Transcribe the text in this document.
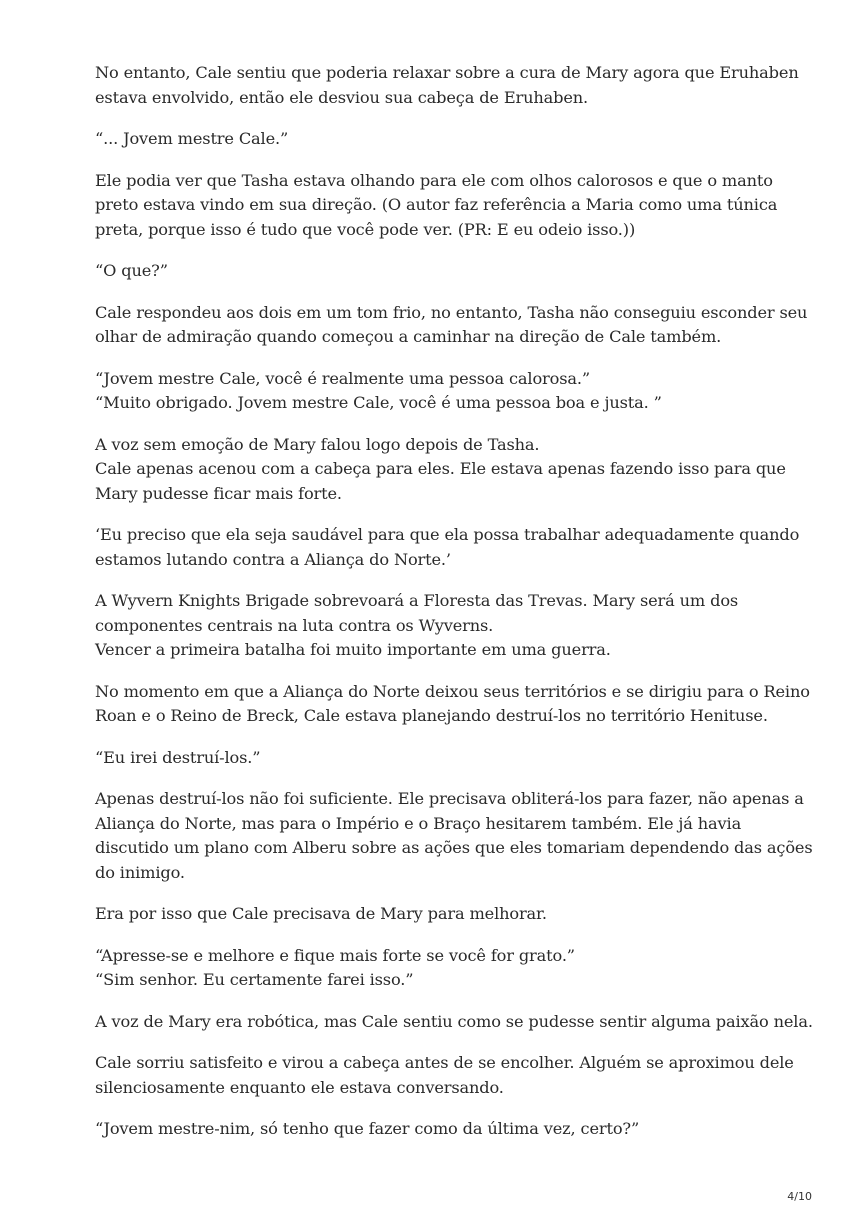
No entanto, Cale sentiu que poderia relaxar sobre a cura de Mary agora que Eruhaben
estava envolvido, então ele desviou sua cabeça de Eruhaben.

“... Jovem mestre Cale.”

Ele podia ver que Tasha estava olhando para ele com olhos calorosos e que o manto
preto estava vindo em sua direção. (O autor faz referência a Maria como uma túnica
preta, porque isso é tudo que você pode ver. (PR: E eu odeio isso.))

“O que?”

Cale respondeu aos dois em um tom frio, no entanto, Tasha não conseguiu esconder seu
olhar de admiração quando começou a caminhar na direção de Cale também.

“Jovem mestre Cale, você é realmente uma pessoa calorosa.”
“Muito obrigado. Jovem mestre Cale, você é uma pessoa boa e justa. ”

A voz sem emoção de Mary falou logo depois de Tasha.
Cale apenas acenou com a cabeça para eles. Ele estava apenas fazendo isso para que
Mary pudesse ficar mais forte.

‘Eu preciso que ela seja saudável para que ela possa trabalhar adequadamente quando
estamos lutando contra a Aliança do Norte.’

A Wyvern Knights Brigade sobrevoará a Floresta das Trevas. Mary será um dos
componentes centrais na luta contra os Wyverns.
Vencer a primeira batalha foi muito importante em uma guerra.

No momento em que a Aliança do Norte deixou seus territórios e se dirigiu para o Reino
Roan e o Reino de Breck, Cale estava planejando destruí-los no território Henituse.

“Eu irei destruí-los.”

Apenas destruí-los não foi suficiente. Ele precisava obliterá-los para fazer, não apenas a
Aliança do Norte, mas para o Império e o Braço hesitarem também. Ele já havia
discutido um plano com Alberu sobre as ações que eles tomariam dependendo das ações
do inimigo.

Era por isso que Cale precisava de Mary para melhorar.

“Apresse-se e melhore e fique mais forte se você for grato.”
“Sim senhor. Eu certamente farei isso.”

A voz de Mary era robótica, mas Cale sentiu como se pudesse sentir alguma paixão nela.

Cale sorriu satisfeito e virou a cabeça antes de se encolher. Alguém se aproximou dele
silenciosamente enquanto ele estava conversando.

“Jovem mestre-nim, só tenho que fazer como da última vez, certo?”

4/10
